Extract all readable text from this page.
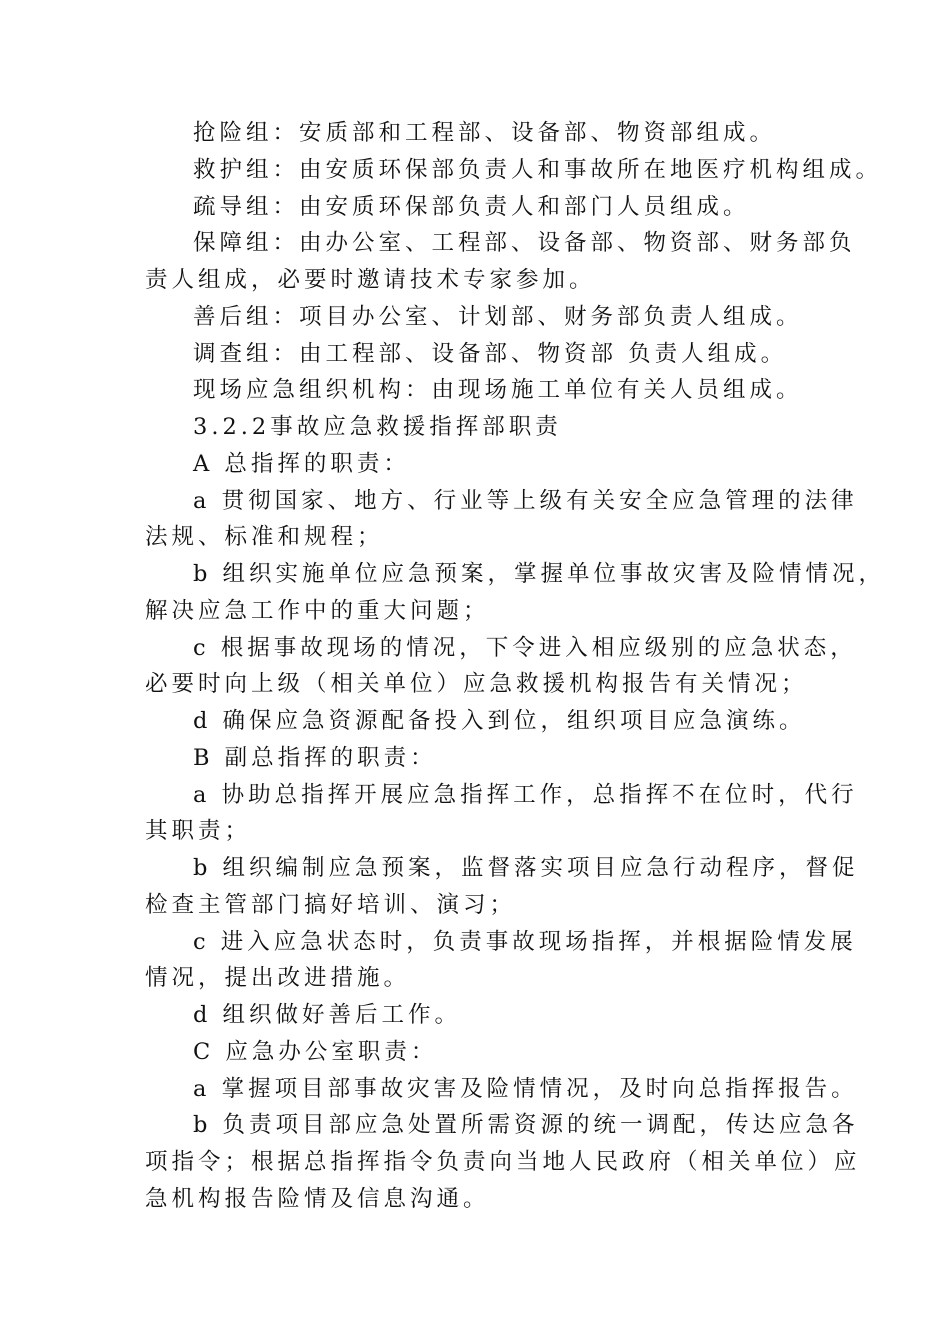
抢险组：安质部和工程部、设备部、物资部组成。
救护组：由安质环保部负责人和事故所在地医疗机构组成。
疏导组：由安质环保部负责人和部门人员组成。
保障组：由办公室、工程部、设备部、物资部、财务部负
责人组成，必要时邀请技术专家参加。
善后组：项目办公室、计划部、财务部负责人组成。
调查组：由工程部、设备部、物资部 负责人组成。
现场应急组织机构：由现场施工单位有关人员组成。
3.2.2事故应急救援指挥部职责
A 总指挥的职责：
a 贯彻国家、地方、行业等上级有关安全应急管理的法律
法规、标准和规程；
b 组织实施单位应急预案，掌握单位事故灾害及险情情况，
解决应急工作中的重大问题；
c 根据事故现场的情况，下令进入相应级别的应急状态，
必要时向上级（相关单位）应急救援机构报告有关情况；
d 确保应急资源配备投入到位，组织项目应急演练。
B 副总指挥的职责：
a 协助总指挥开展应急指挥工作，总指挥不在位时，代行
其职责；
b 组织编制应急预案，监督落实项目应急行动程序，督促
检查主管部门搞好培训、演习；
c 进入应急状态时，负责事故现场指挥，并根据险情发展
情况，提出改进措施。
d 组织做好善后工作。
C 应急办公室职责：
a 掌握项目部事故灾害及险情情况，及时向总指挥报告。
b 负责项目部应急处置所需资源的统一调配，传达应急各
项指令；根据总指挥指令负责向当地人民政府（相关单位）应
急机构报告险情及信息沟通。
